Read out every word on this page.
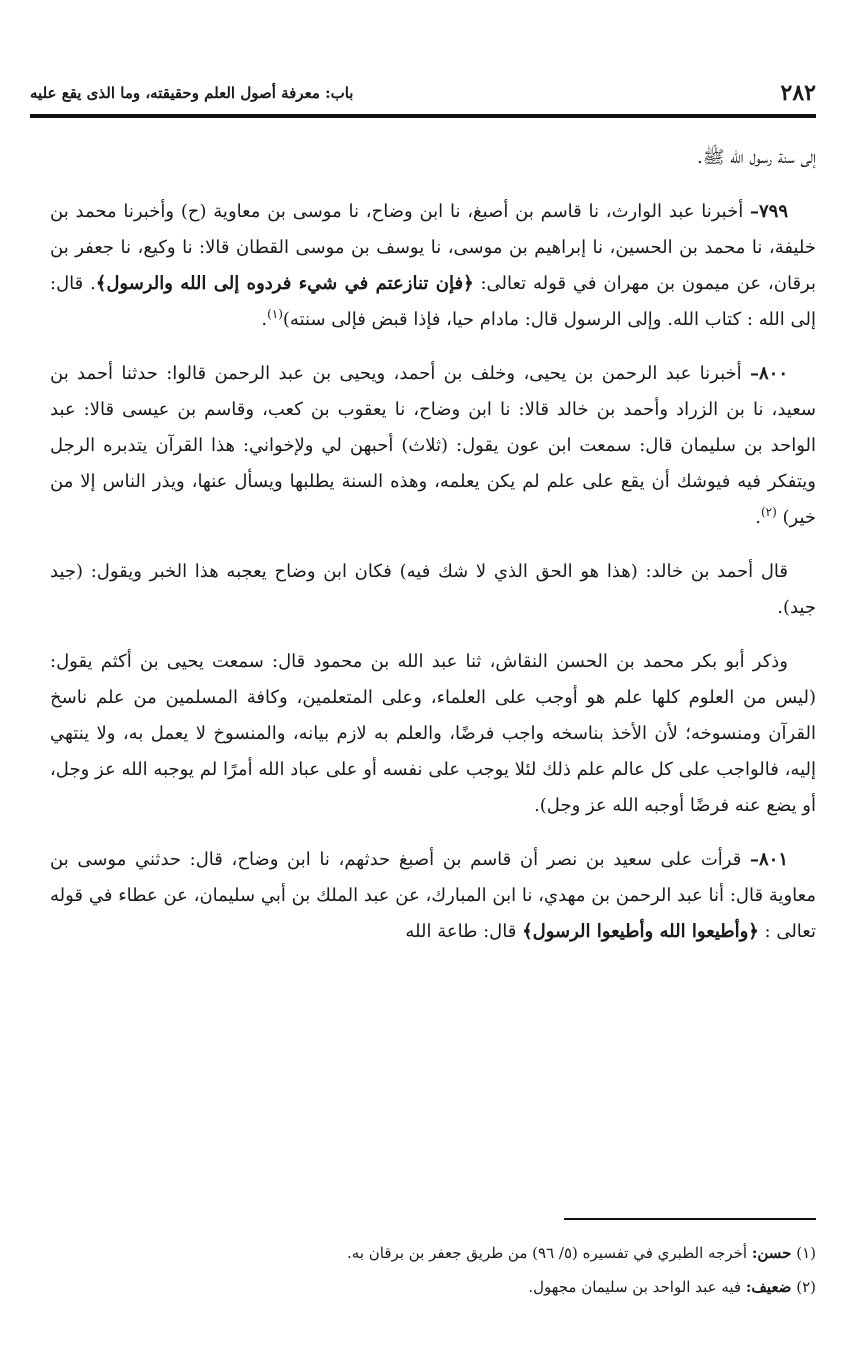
٢٨٢
باب: معرفة أصول العلم وحقيقته، وما الذى يقع عليه

إلى سنة رسول الله ﷺ.

٧٩٩– أخبرنا عبد الوارث، نا قاسم بن أصبغ، نا ابن وضاح، نا موسى بن معاوية (ح) وأخبرنا محمد بن خليفة، نا محمد بن الحسين، نا إبراهيم بن موسى، نا يوسف بن موسى القطان قالا: نا وكيع، نا جعفر بن برقان، عن ميمون بن مهران في قوله تعالى: ﴿فإن تنازعتم في شيء فردوه إلى الله والرسول﴾. قال: إلى الله : كتاب الله. وإلى الرسول قال: مادام حيا، فإذا قبض فإلى سنته)$^{(١)}$.

٨٠٠– أخبرنا عبد الرحمن بن يحيى، وخلف بن أحمد، ويحيى بن عبد الرحمن قالوا: حدثنا أحمد بن سعيد، نا بن الزراد وأحمد بن خالد قالا: نا ابن وضاح، نا يعقوب بن كعب، وقاسم بن عيسى قالا: عبد الواحد بن سليمان قال: سمعت ابن عون يقول: (ثلاث) أحبهن لي ولإخواني: هذا القرآن يتدبره الرجل ويتفكر فيه فيوشك أن يقع على علم لم يكن يعلمه، وهذه السنة يطلبها ويسأل عنها، ويذر الناس إلا من خير) $^{(٢)}$.

قال أحمد بن خالد: (هذا هو الحق الذي لا شك فيه) فكان ابن وضاح يعجبه هذا الخبر ويقول: (جيد جيد).

وذكر أبو بكر محمد بن الحسن النقاش، ثنا عبد الله بن محمود قال: سمعت يحيى بن أكثم يقول: (ليس من العلوم كلها علم هو أوجب على العلماء، وعلى المتعلمين، وكافة المسلمين من علم ناسخ القرآن ومنسوخه؛ لأن الأخذ بناسخه واجب فرضًا، والعلم به لازم بيانه، والمنسوخ لا يعمل به، ولا ينتهي إليه، فالواجب على كل عالم علم ذلك لئلا يوجب على نفسه أو على عباد الله أمرًا لم يوجبه الله عز وجل، أو يضع عنه فرضًا أوجبه الله عز وجل).

٨٠١– قرأت على سعيد بن نصر أن قاسم بن أصبغ حدثهم، نا ابن وضاح، قال: حدثني موسى بن معاوية قال: أنا عبد الرحمن بن مهدي، نا ابن المبارك، عن عبد الملك بن أبي سليمان، عن عطاء في قوله تعالى : ﴿وأطيعوا الله وأطيعوا الرسول﴾ قال: طاعة الله

(١) حسن: أخرجه الطبري في تفسيره (٥/ ٩٦) من طريق جعفر بن برقان به.
(٢) ضعيف: فيه عبد الواحد بن سليمان مجهول.
